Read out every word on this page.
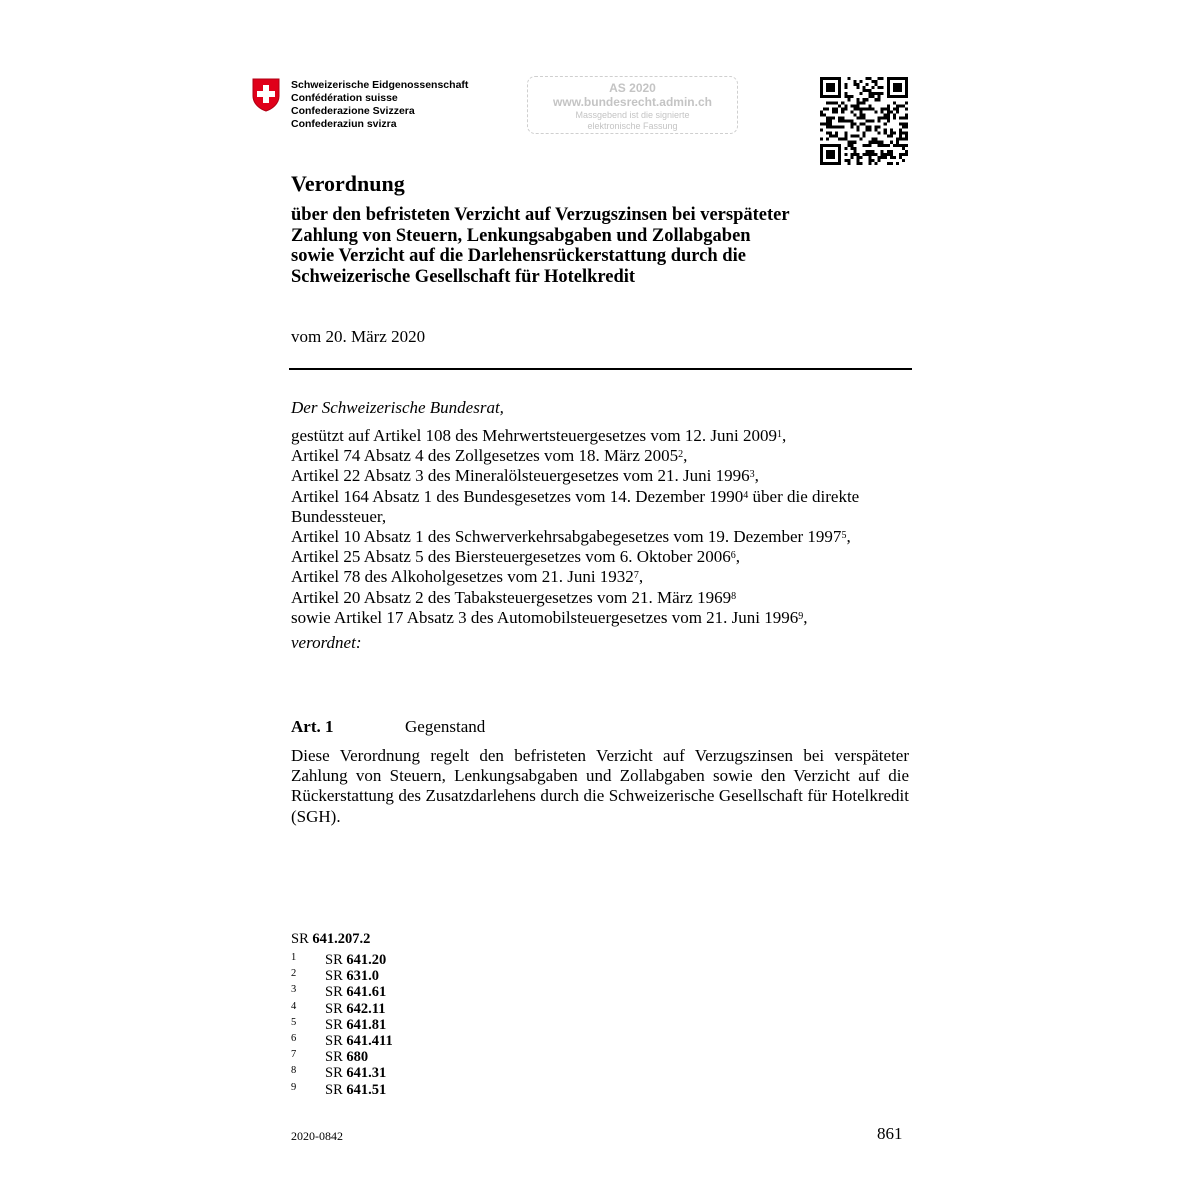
Schweizerische Eidgenossenschaft
Confédération suisse
Confederazione Svizzera
Confederaziun svizra
AS 2020
www.bundesrecht.admin.ch
Massgebend ist die signierte
elektronische Fassung
Verordnung
über den befristeten Verzicht auf Verzugszinsen bei verspäteter
Zahlung von Steuern, Lenkungsabgaben und Zollabgaben
sowie Verzicht auf die Darlehensrückerstattung durch die
Schweizerische Gesellschaft für Hotelkredit
vom 20. März 2020
Der Schweizerische Bundesrat,
gestützt auf Artikel 108 des Mehrwertsteuergesetzes vom 12. Juni 2009$^1$,
Artikel 74 Absatz 4 des Zollgesetzes vom 18. März 2005$^2$,
Artikel 22 Absatz 3 des Mineralölsteuergesetzes vom 21. Juni 1996$^3$,
Artikel 164 Absatz 1 des Bundesgesetzes vom 14. Dezember 1990$^4$ über die direkte
Bundessteuer,
Artikel 10 Absatz 1 des Schwerverkehrsabgabegesetzes vom 19. Dezember 1997$^5$,
Artikel 25 Absatz 5 des Biersteuergesetzes vom 6. Oktober 2006$^6$,
Artikel 78 des Alkoholgesetzes vom 21. Juni 1932$^7$,
Artikel 20 Absatz 2 des Tabaksteuergesetzes vom 21. März 1969$^8$
sowie Artikel 17 Absatz 3 des Automobilsteuergesetzes vom 21. Juni 1996$^9$,
verordnet:
Art. 1	Gegenstand
Diese Verordnung regelt den befristeten Verzicht auf Verzugszinsen bei verspäteter Zahlung von Steuern, Lenkungsabgaben und Zollabgaben sowie den Verzicht auf die Rückerstattung des Zusatzdarlehens durch die Schweizerische Gesellschaft für Hotelkredit (SGH).
SR 641.207.2
1	SR 641.20
2	SR 631.0
3	SR 641.61
4	SR 642.11
5	SR 641.81
6	SR 641.411
7	SR 680
8	SR 641.31
9	SR 641.51
2020-0842	861
